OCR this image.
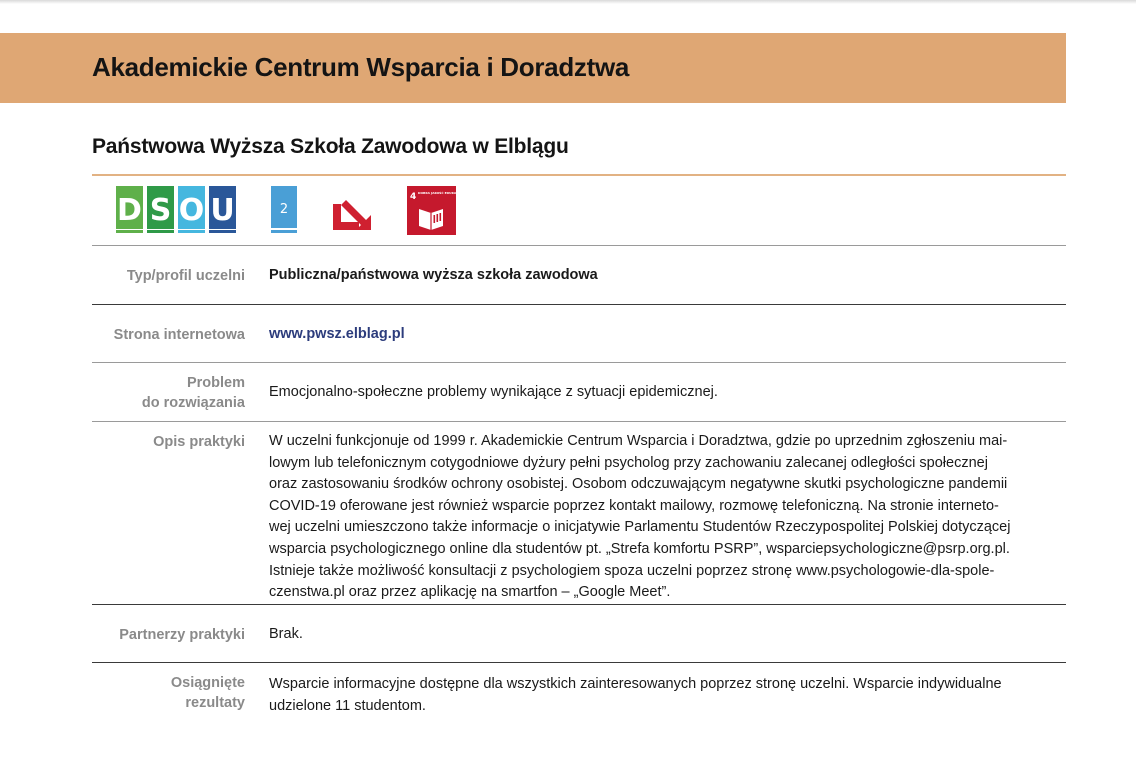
Akademickie Centrum Wsparcia i Doradztwa
Państwowa Wyższa Szkoła Zawodowa w Elblągu
D S O U	2
4 DOBRA JAKOŚĆ EDUKACJI
Typ/profil uczelni Publiczna/państwowa wyższa szkoła zawodowa
Strona internetowa www.pwsz.elblag.pl
Problem
do rozwiązania
Emocjonalno-społeczne problemy wynikające z sytuacji epidemicznej.
Opis praktyki W uczelni funkcjonuje od 1999 r. Akademickie Centrum Wsparcia i Doradztwa, gdzie po uprzednim zgłoszeniu mai-
lowym lub telefonicznym cotygodniowe dyżury pełni psycholog przy zachowaniu zalecanej odległości społecznej
oraz zastosowaniu środków ochrony osobistej. Osobom odczuwającym negatywne skutki psychologiczne pandemii
COVID-19 oferowane jest również wsparcie poprzez kontakt mailowy, rozmowę telefoniczną. Na stronie interneto-
wej uczelni umieszczono także informacje o inicjatywie Parlamentu Studentów Rzeczypospolitej Polskiej dotyczącej
wsparcia psychologicznego online dla studentów pt. „Strefa komfortu PSRP”, wsparciepsychologiczne@psrp.org.pl.
Istnieje także możliwość konsultacji z psychologiem spoza uczelni poprzez stronę www.psychologowie-dla-spole-
czenstwa.pl oraz przez aplikację na smartfon – „Google Meet”.
Partnerzy praktyki Brak.
Osiągnięte
rezultaty
Wsparcie informacyjne dostępne dla wszystkich zainteresowanych poprzez stronę uczelni. Wsparcie indywidualne
udzielone 11 studentom.
